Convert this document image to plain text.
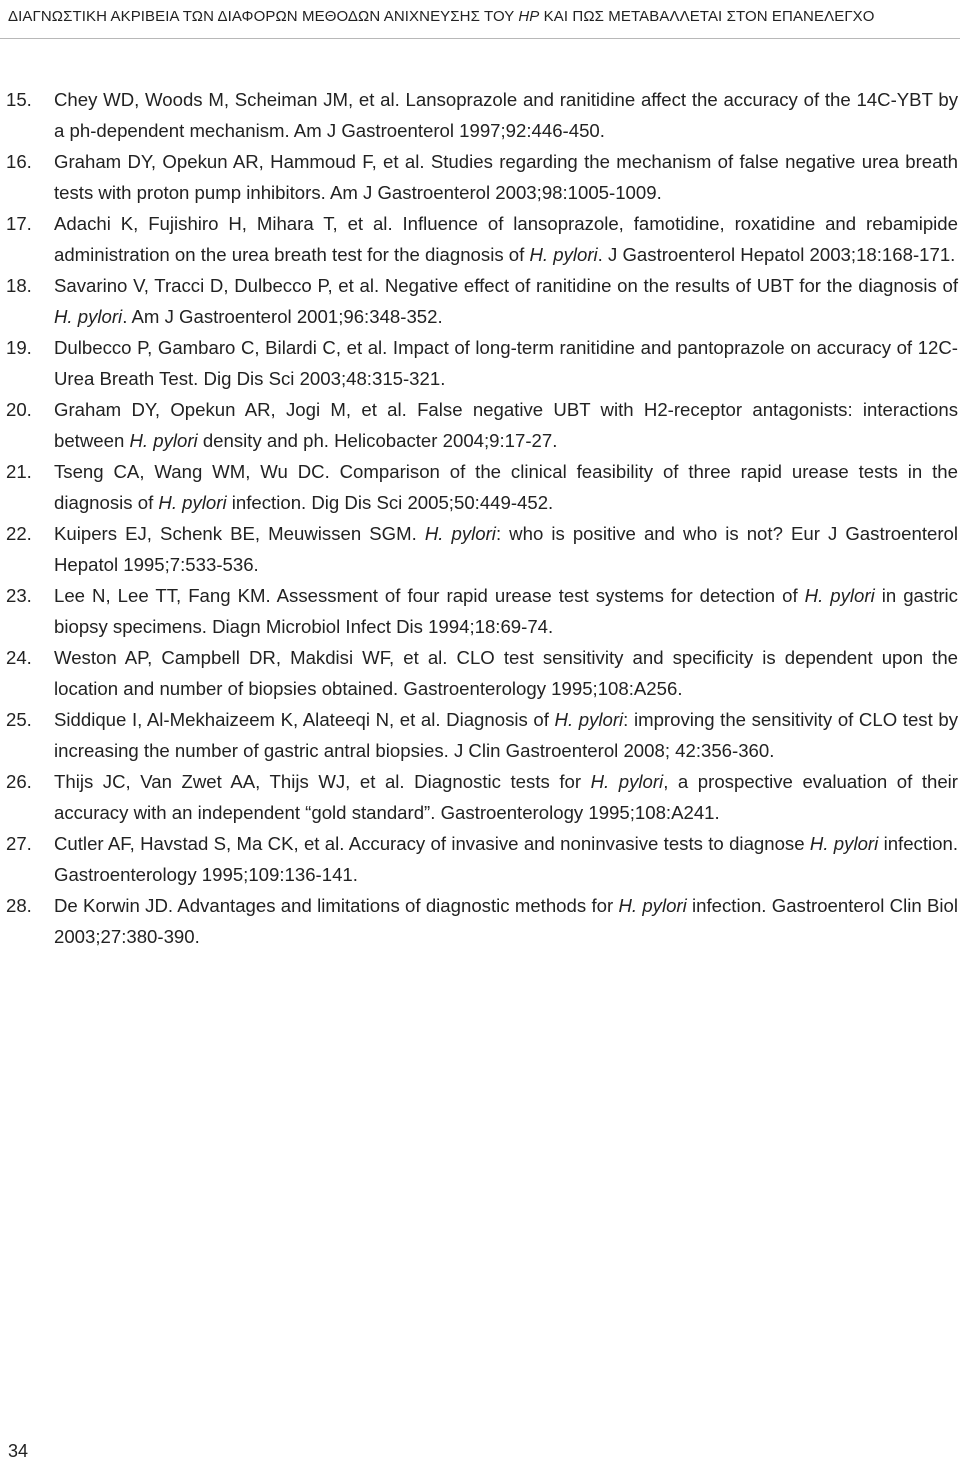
ΔΙΑΓΝΩΣΤΙΚΗ ΑΚΡΙΒΕΙΑ ΤΩΝ ΔΙΑΦΟΡΩΝ ΜΕΘΟΔΩΝ ΑΝΙΧΝΕΥΣΗΣ ΤΟΥ ΗΡ ΚΑΙ ΠΩΣ ΜΕΤΑΒΑΛΛΕΤΑΙ ΣΤΟΝ ΕΠΑΝΕΛΕΓΧΟ
15.	Chey WD, Woods M, Scheiman JM, et al. Lansoprazole and ranitidine affect the accuracy of the 14C-YBT by a ph-dependent mechanism. Am J Gastroenterol 1997;92:446-450.
16.	Graham DY, Opekun AR, Hammoud F, et al. Studies regarding the mechanism of false negative urea breath tests with proton pump inhibitors. Am J Gastroenterol 2003;98:1005-1009.
17.	Adachi K, Fujishiro H, Mihara T, et al. Influence of lansoprazole, famotidine, roxatidine and rebamipide administration on the urea breath test for the diagnosis of H. pylori. J Gastroenterol Hepatol 2003;18:168-171.
18.	Savarino V, Tracci D, Dulbecco P, et al. Negative effect of ranitidine on the results of UBT for the diagnosis of H. pylori. Am J Gastroenterol 2001;96:348-352.
19.	Dulbecco P, Gambaro C, Bilardi C, et al. Impact of long-term ranitidine and pantoprazole on accuracy of 12C-Urea Breath Test. Dig Dis Sci 2003;48:315-321.
20.	Graham DY, Opekun AR, Jogi M, et al. False negative UBT with H2-receptor antagonists: interactions between H. pylori density and ph. Helicobacter 2004;9:17-27.
21.	Tseng CA, Wang WM, Wu DC. Comparison of the clinical feasibility of three rapid urease tests in the diagnosis of H. pylori infection. Dig Dis Sci 2005;50:449-452.
22.	Kuipers EJ, Schenk BE, Meuwissen SGM. H. pylori: who is positive and who is not? Eur J Gastroenterol Hepatol 1995;7:533-536.
23.	Lee N, Lee TT, Fang KM. Assessment of four rapid urease test systems for detection of H. pylori in gastric biopsy specimens. Diagn Microbiol Infect Dis 1994;18:69-74.
24.	Weston AP, Campbell DR, Makdisi WF, et al. CLO test sensitivity and specificity is dependent upon the location and number of biopsies obtained. Gastroenterology 1995;108:A256.
25.	Siddique I, Al-Mekhaizeem K, Alateeqi N, et al. Diagnosis of H. pylori: improving the sensitivity of CLO test by increasing the number of gastric antral biopsies. J Clin Gastroenterol 2008; 42:356-360.
26.	Thijs JC, Van Zwet AA, Thijs WJ, et al. Diagnostic tests for H. pylori, a prospective evaluation of their accuracy with an independent “gold standard”. Gastroenterology 1995;108:A241.
27.	Cutler AF, Havstad S, Ma CK, et al. Accuracy of invasive and noninvasive tests to diagnose H. pylori infection. Gastroenterology 1995;109:136-141.
28.	De Korwin JD. Advantages and limitations of diagnostic methods for H. pylori infection. Gastroenterol Clin Biol 2003;27:380-390.
34
